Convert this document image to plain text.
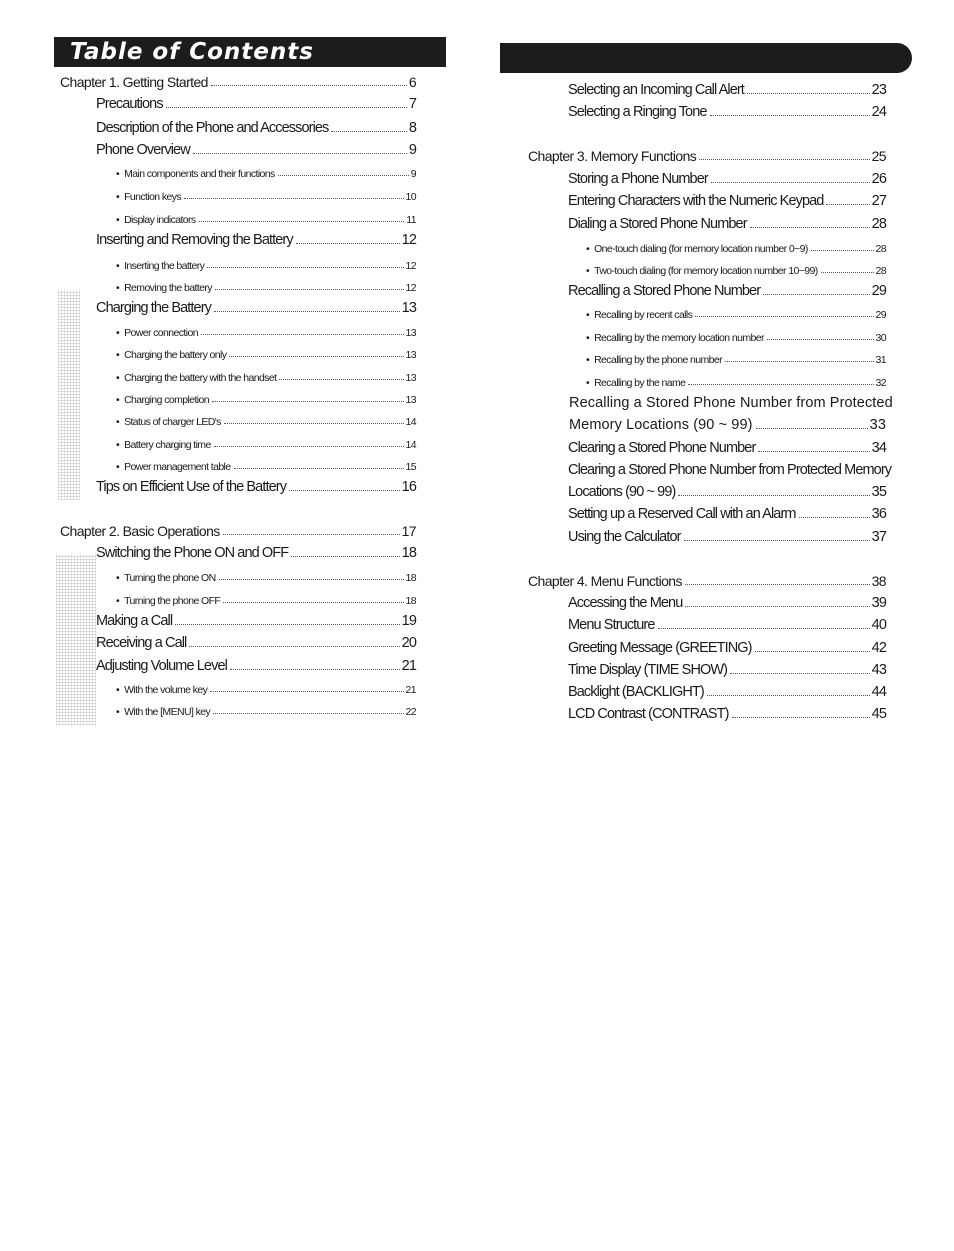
Table of Contents
Chapter 1. Getting Started	6
Precautions	7
Description of the Phone and Accessories	8
Phone Overview	9
• Main components and their functions	9
• Function keys	10
• Display indicators	11
Inserting and Removing the Battery	12
• Inserting the battery	12
• Removing the battery	12
Charging the Battery	13
• Power connection	13
• Charging the battery only	13
• Charging the battery with the handset	13
• Charging completion	13
• Status of charger LED's	14
• Battery charging time	14
• Power management table	15
Tips on Efficient Use of the Battery	16
Chapter 2. Basic Operations	17
Switching the Phone ON and OFF	18
• Turning the phone ON	18
• Turning the phone OFF	18
Making a Call	19
Receiving a Call	20
Adjusting Volume Level	21
• With the volume key	21
• With the [MENU] key	22
Selecting an Incoming Call Alert	23
Selecting a Ringing Tone	24
Chapter 3. Memory Functions	25
Storing a Phone Number	26
Entering Characters with the Numeric Keypad	27
Dialing a Stored Phone Number	28
• One-touch dialing (for memory location number 0~9)	28
• Two-touch dialing (for memory location number 10~99)	28
Recalling a Stored Phone Number	29
• Recalling by recent calls	29
• Recalling by the memory location number	30
• Recalling by the phone number	31
• Recalling by the name	32
Recalling a Stored Phone Number from Protected
Memory Locations (90 ~ 99)	33
Clearing a Stored Phone Number	34
Clearing a Stored Phone Number from Protected Memory
Locations (90 ~ 99)	35
Setting up a Reserved Call with an Alarm	36
Using the Calculator	37
Chapter 4. Menu Functions	38
Accessing the Menu	39
Menu Structure	40
Greeting Message (GREETING)	42
Time Display (TIME SHOW)	43
Backlight (BACKLIGHT)	44
LCD Contrast (CONTRAST)	45
